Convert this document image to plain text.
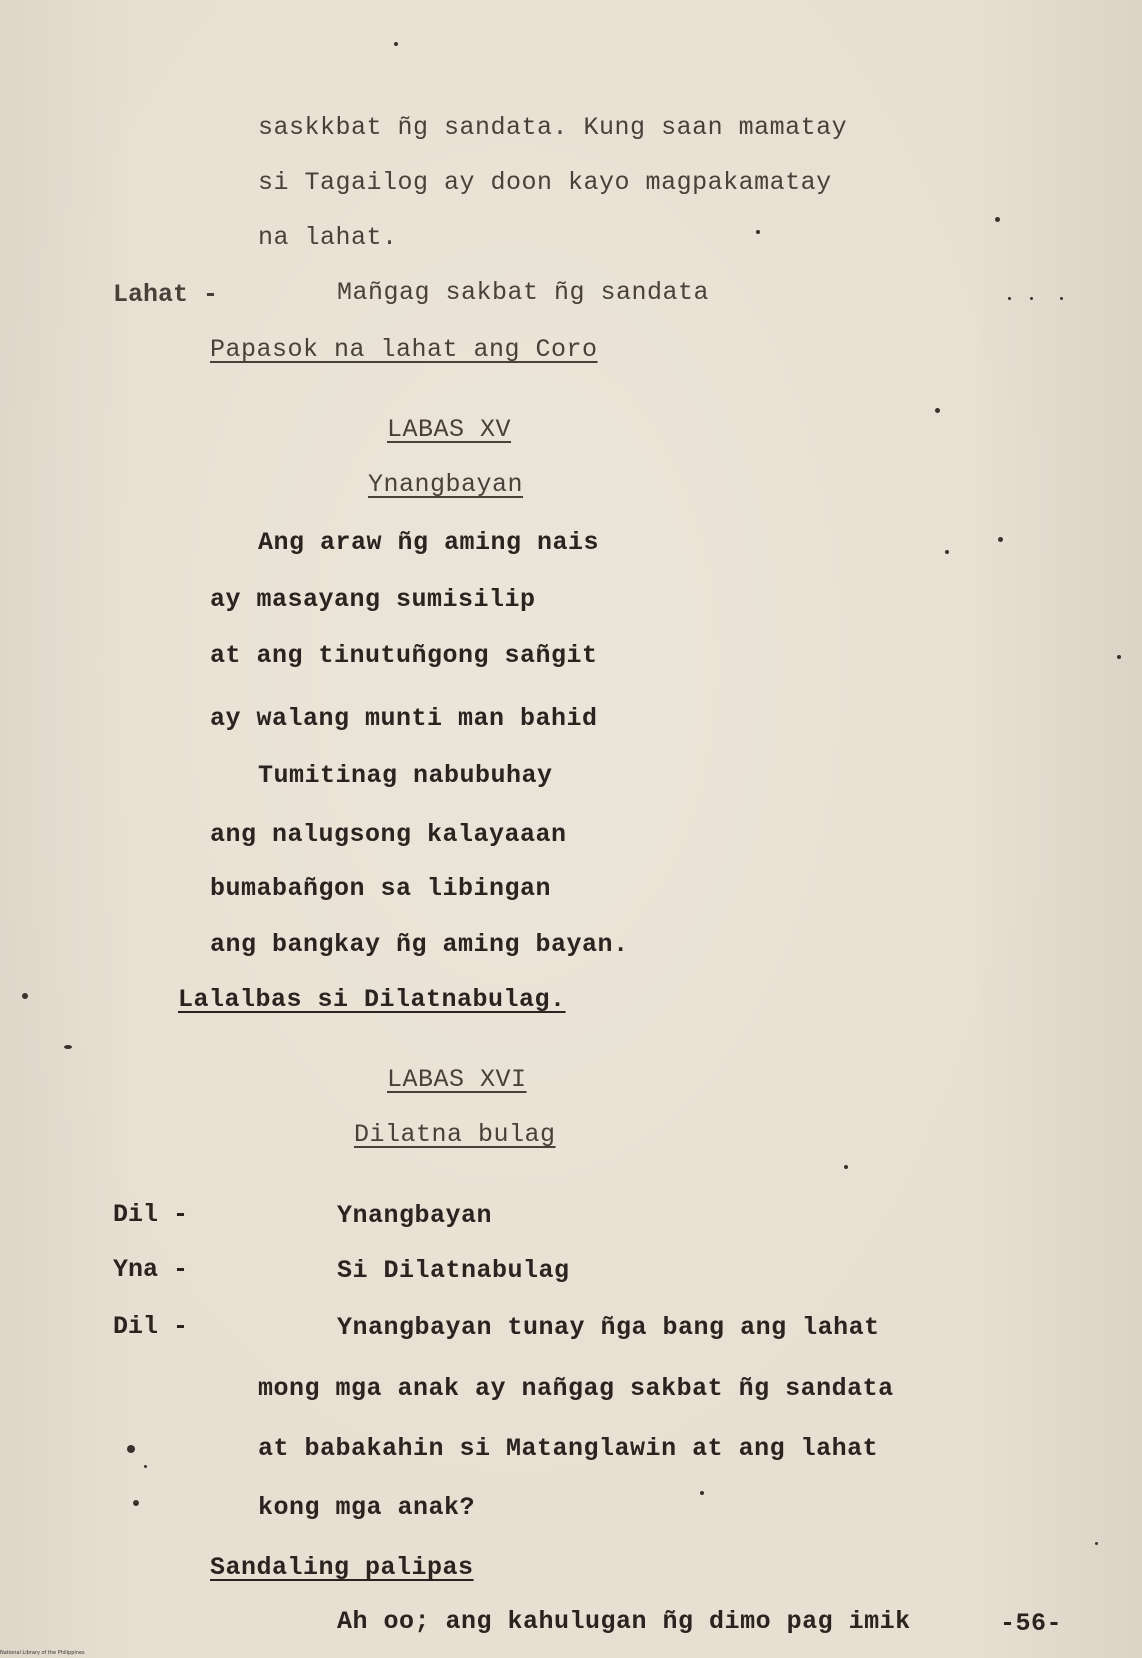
saskkbat ñg sandata. Kung saan mamatay
si Tagailog ay doon kayo magpakamatay
na lahat.
Lahat -	Mañgag sakbat ñg sandata
Papasok na lahat ang Coro
LABAS XV
Ynangbayan
Ang araw ñg aming nais
ay masayang sumisilip
at ang tinutuñgong sañgit
ay walang munti man bahid
Tumitinag nabubuhay
ang nalugsong kalayaaan
bumabañgon sa libingan
ang bangkay ñg aming bayan.
Lalalbas si Dilatnabulag.
LABAS XVI
Dilatna bulag
Dil -	Ynangbayan
Yna -	Si Dilatnabulag
Dil -	Ynangbayan tunay ñga bang ang lahat
mong mga anak ay nañgag sakbat ñg sandata
at babakahin si Matanglawin at ang lahat
kong mga anak?
Sandaling palipas
Ah oo; ang kahulugan ñg dimo pag imik	-56-
National Library of the Philippines
